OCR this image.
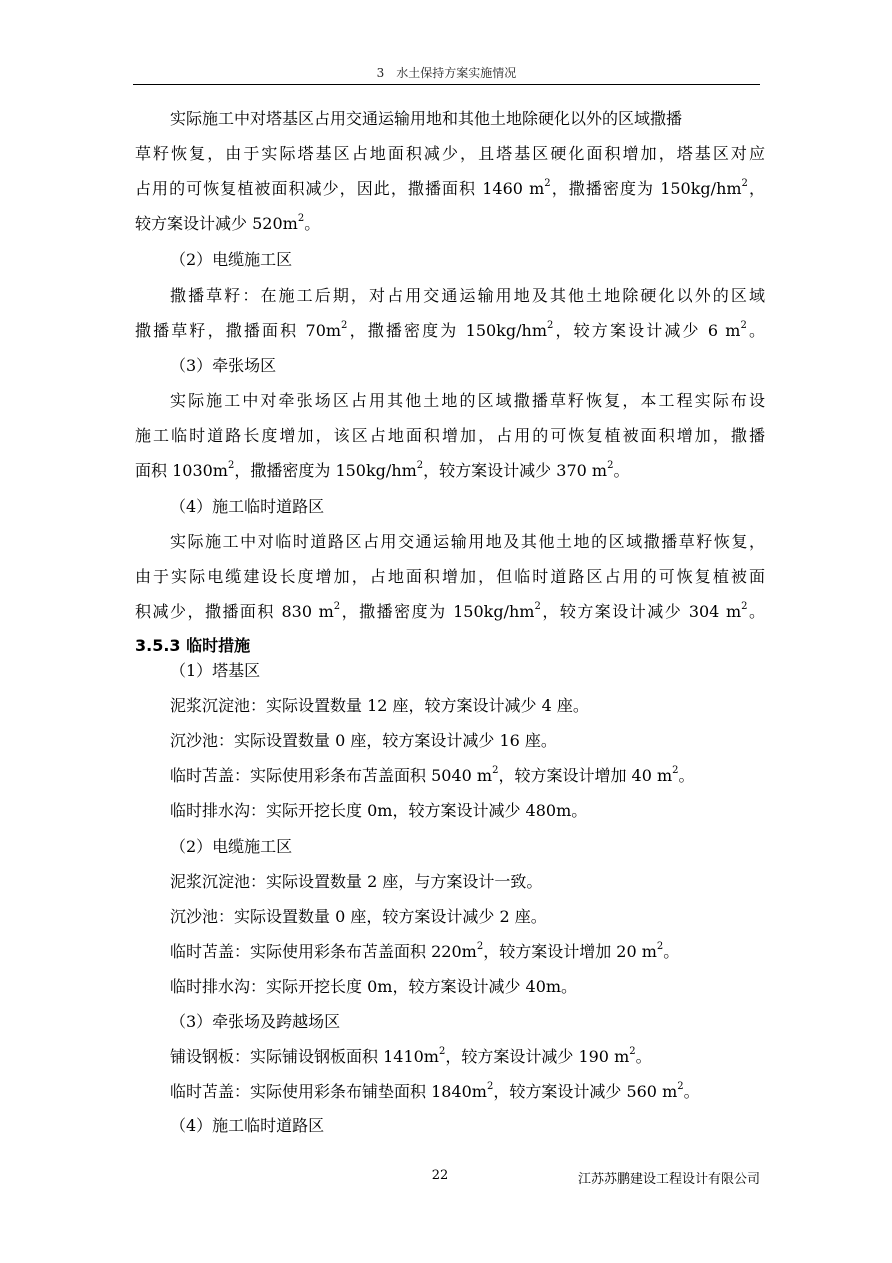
3　水土保持方案实施情况
实际施工中对塔基区占用交通运输用地和其他土地除硬化以外的区域撒播
草籽恢复，由于实际塔基区占地面积减少，且塔基区硬化面积增加，塔基区对应
占用的可恢复植被面积减少，因此，撒播面积 1460 $m^2$，撒播密度为 $150kg/hm^2$，
较方案设计减少 $520m^2$。
（2）电缆施工区
撒播草籽：在施工后期，对占用交通运输用地及其他土地除硬化以外的区域
撒播草籽，撒播面积 $70m^2$，撒播密度为 $150kg/hm^2$，较方案设计减少 6 $m^2$。
（3）牵张场区
实际施工中对牵张场区占用其他土地的区域撒播草籽恢复，本工程实际布设
施工临时道路长度增加，该区占地面积增加，占用的可恢复植被面积增加，撒播
面积 $1030m^2$，撒播密度为 $150kg/hm^2$，较方案设计减少 370 $m^2$。
（4）施工临时道路区
实际施工中对临时道路区占用交通运输用地及其他土地的区域撒播草籽恢复，
由于实际电缆建设长度增加，占地面积增加，但临时道路区占用的可恢复植被面
积减少，撒播面积 830 $m^2$，撒播密度为 $150kg/hm^2$，较方案设计减少 304 $m^2$。
3.5.3 临时措施
（1）塔基区
泥浆沉淀池：实际设置数量 12 座，较方案设计减少 4 座。
沉沙池：实际设置数量 0 座，较方案设计减少 16 座。
临时苫盖：实际使用彩条布苫盖面积 5040 $m^2$，较方案设计增加 40 $m^2$。
临时排水沟：实际开挖长度 0m，较方案设计减少 480m。
（2）电缆施工区
泥浆沉淀池：实际设置数量 2 座，与方案设计一致。
沉沙池：实际设置数量 0 座，较方案设计减少 2 座。
临时苫盖：实际使用彩条布苫盖面积 $220m^2$，较方案设计增加 20 $m^2$。
临时排水沟：实际开挖长度 0m，较方案设计减少 40m。
（3）牵张场及跨越场区
铺设钢板：实际铺设钢板面积 $1410m^2$，较方案设计减少 190 $m^2$。
临时苫盖：实际使用彩条布铺垫面积 $1840m^2$，较方案设计减少 560 $m^2$。
（4）施工临时道路区
22	江苏苏鹏建设工程设计有限公司
